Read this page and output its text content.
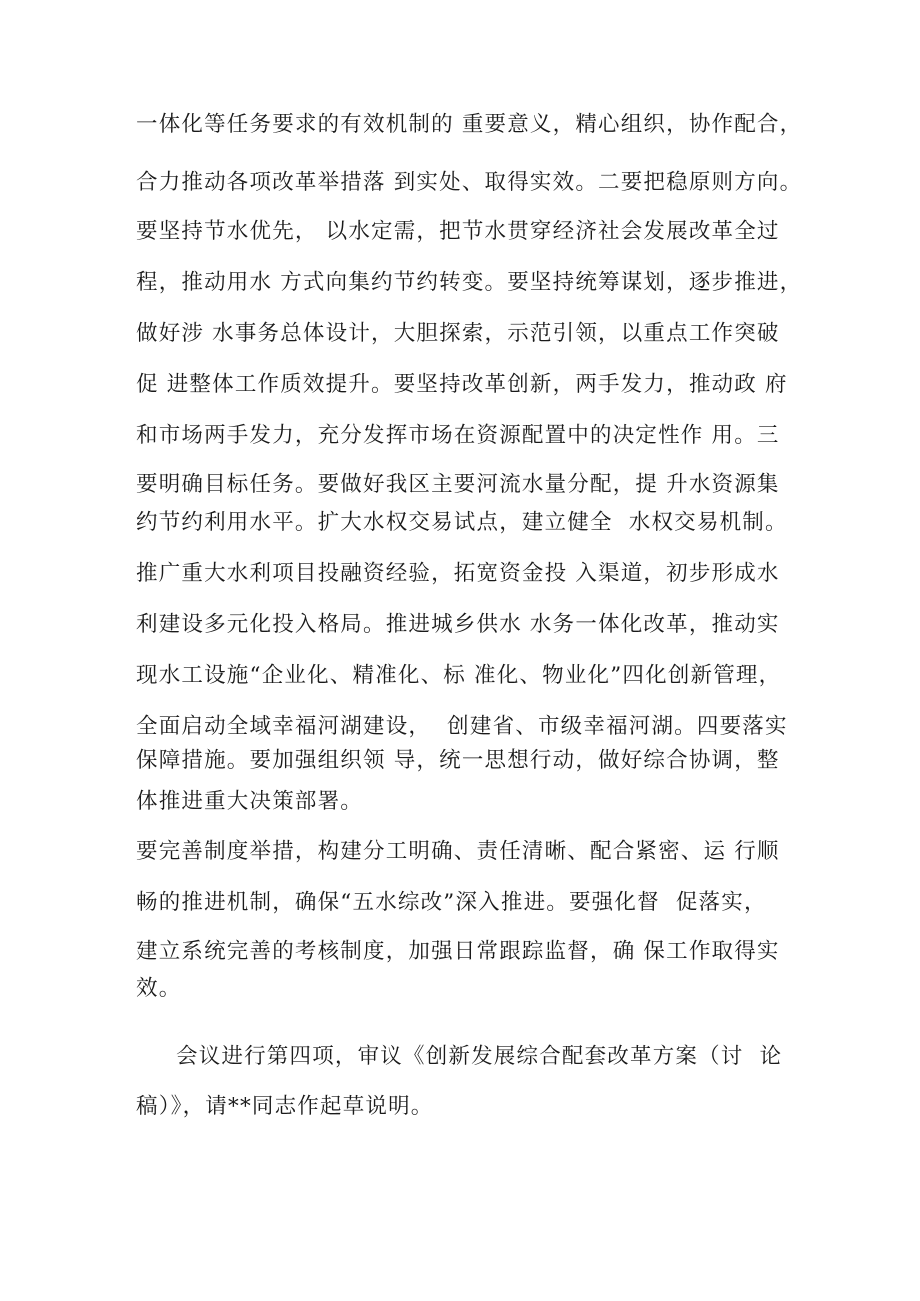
一体化等任务要求的有效机制的 重要意义，精心组织，协作配合，
合力推动各项改革举措落 到实处、取得实效。二要把稳原则方向。
要坚持节水优先， 以水定需，把节水贯穿经济社会发展改革全过
程，推动用水 方式向集约节约转变。要坚持统筹谋划，逐步推进，
做好涉 水事务总体设计，大胆探索，示范引领，以重点工作突破
促 进整体工作质效提升。要坚持改革创新，两手发力，推动政 府
和市场两手发力，充分发挥市场在资源配置中的决定性作 用。三
要明确目标任务。要做好我区主要河流水量分配，提 升水资源集
约节约利用水平。扩大水权交易试点，建立健全  水权交易机制。
推广重大水利项目投融资经验，拓宽资金投 入渠道，初步形成水
利建设多元化投入格局。推进城乡供水 水务一体化改革，推动实
现水工设施“企业化、精准化、标 准化、物业化”四化创新管理，
全面启动全域幸福河湖建设，  创建省、市级幸福河湖。四要落实
保障措施。要加强组织领 导，统一思想行动，做好综合协调，整
体推进重大决策部署。
要完善制度举措，构建分工明确、责任清晰、配合紧密、运 行顺
畅的推进机制，确保“五水综改”深入推进。要强化督  促落实，
建立系统完善的考核制度，加强日常跟踪监督，确 保工作取得实
效。
会议进行第四项，审议《创新发展综合配套改革方案（讨  论
稿）》，请**同志作起草说明。
